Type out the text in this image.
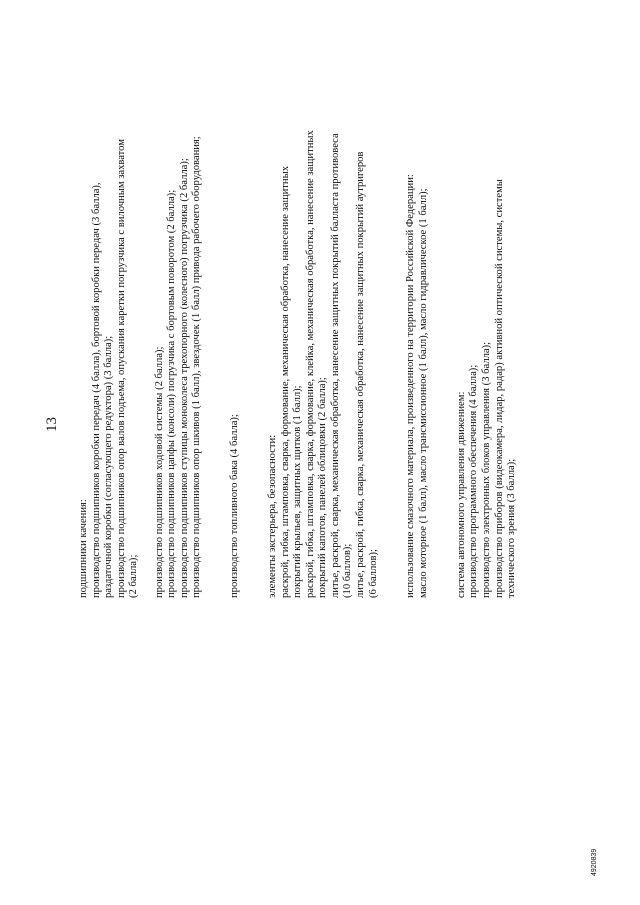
13
подшипники качения: производство подшипников коробки передач (4 балла), бортовой коробки передач (3 балла), раздаточной коробки (согласующего редуктора) (3 балла); производство подшипников опор валов подъема, опускания каретки погрузчика с вилочным захватом (2 балла); производство подшипников ходовой системы (2 балла); производство подшипников цапфы (консоли) погрузчика с бортовым поворотом (2 балла); производство подшипников ступицы моноколеса трехопорного (колесного) погрузчика (2 балла); производство подшипников опор шкивов (1 балл), звездочек (1 балл) привода рабочего оборудования;	производство топливного бака (4 балла);	элементы экстерьера, безопасности: раскрой, гибка, штамповка, сварка, формование, механическая обработка, нанесение защитных покрытий крыльев, защитных щитков (1 балл); раскрой, гибка, штамповка, сварка, формование, клейка, механическая обработка, нанесение защитных покрытий капотов, панелей облицовки (2 балла); литье, раскрой, сварка, механическая обработка, нанесение защитных покрытий балласта противовеса (10 баллов); литье, раскрой, гибка, сварка, механическая обработка, нанесение защитных покрытий аутригеров (6 баллов);	использование смазочного материала, произведенного на территории Российской Федерации: масло моторное (1 балл), масло трансмиссионное (1 балл), масло гидравлическое (1 балл);	система автономного управления движением: производство программного обеспечения (4 балла); производство электронных блоков управления (3 балла); производство приборов (видеокамера, лидар, радар) активной оптической системы, системы технического зрения (3 балла);
4920839
